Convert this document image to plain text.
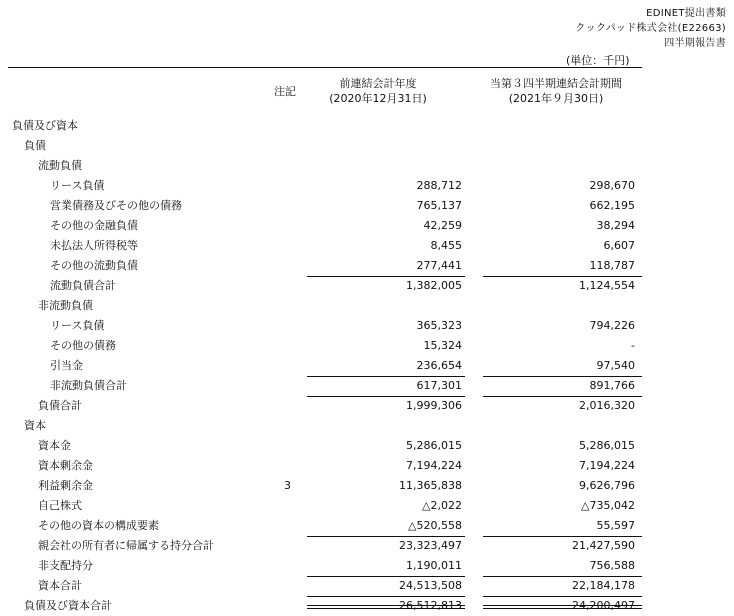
EDINET提出書類
クックパッド株式会社(E22663)
四半期報告書
(単位：千円)
注記
前連結会計年度
(2020年12月31日)
当第３四半期連結会計期間
(2021年９月30日)
負債及び資本
負債
流動負債
リース負債	288,712	298,670
営業債務及びその他の債務	765,137	662,195
その他の金融負債	42,259	38,294
未払法人所得税等	8,455	6,607
その他の流動負債	277,441	118,787
流動負債合計	1,382,005	1,124,554
非流動負債
リース負債	365,323	794,226
その他の債務	15,324	-
引当金	236,654	97,540
非流動負債合計	617,301	891,766
負債合計	1,999,306	2,016,320
資本
資本金	5,286,015	5,286,015
資本剰余金	7,194,224	7,194,224
利益剰余金	3	11,365,838	9,626,796
自己株式	△2,022	△735,042
その他の資本の構成要素	△520,558	55,597
親会社の所有者に帰属する持分合計	23,323,497	21,427,590
非支配持分	1,190,011	756,588
資本合計	24,513,508	22,184,178
負債及び資本合計	26,512,813	24,200,497
